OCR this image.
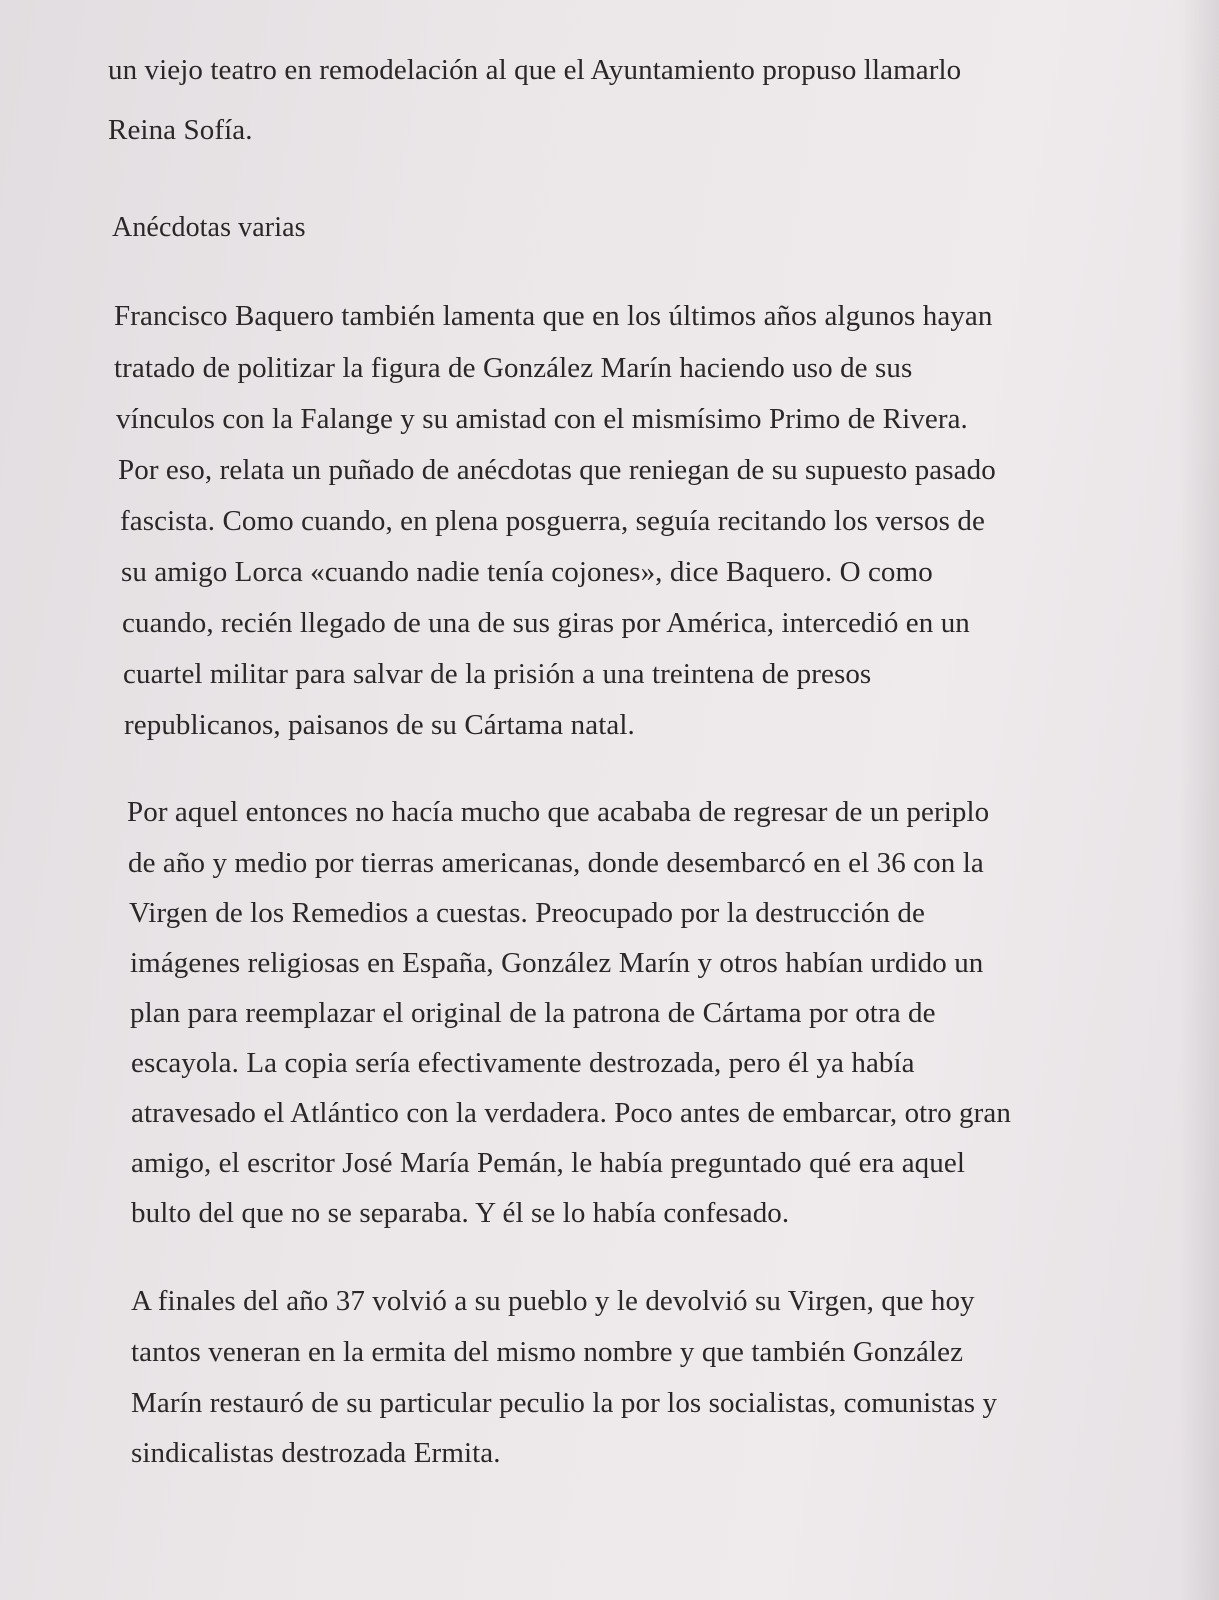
un viejo teatro en remodelación al que el Ayuntamiento propuso llamarlo

Reina Sofía.

Anécdotas varias

Francisco Baquero también lamenta que en los últimos años algunos hayan

tratado de politizar la figura de González Marín haciendo uso de sus

vínculos con la Falange y su amistad con el mismísimo Primo de Rivera.

Por eso, relata un puñado de anécdotas que reniegan de su supuesto pasado

fascista. Como cuando, en plena posguerra, seguía recitando los versos de

su amigo Lorca «cuando nadie tenía cojones», dice Baquero. O como

cuando, recién llegado de una de sus giras por América, intercedió en un

cuartel militar para salvar de la prisión a una treintena de presos

republicanos, paisanos de su Cártama natal.

Por aquel entonces no hacía mucho que acababa de regresar de un periplo

de año y medio por tierras americanas, donde desembarcó en el 36 con la

Virgen de los Remedios a cuestas. Preocupado por la destrucción de

imágenes religiosas en España, González Marín y otros habían urdido un

plan para reemplazar el original de la patrona de Cártama por otra de

escayola. La copia sería efectivamente destrozada, pero él ya había

atravesado el Atlántico con la verdadera. Poco antes de embarcar, otro gran

amigo, el escritor José María Pemán, le había preguntado qué era aquel

bulto del que no se separaba. Y él se lo había confesado.

A finales del año 37 volvió a su pueblo y le devolvió su Virgen, que hoy

tantos veneran en la ermita del mismo nombre y que también González

Marín restauró de su particular peculio la por los socialistas, comunistas y

sindicalistas destrozada Ermita.
